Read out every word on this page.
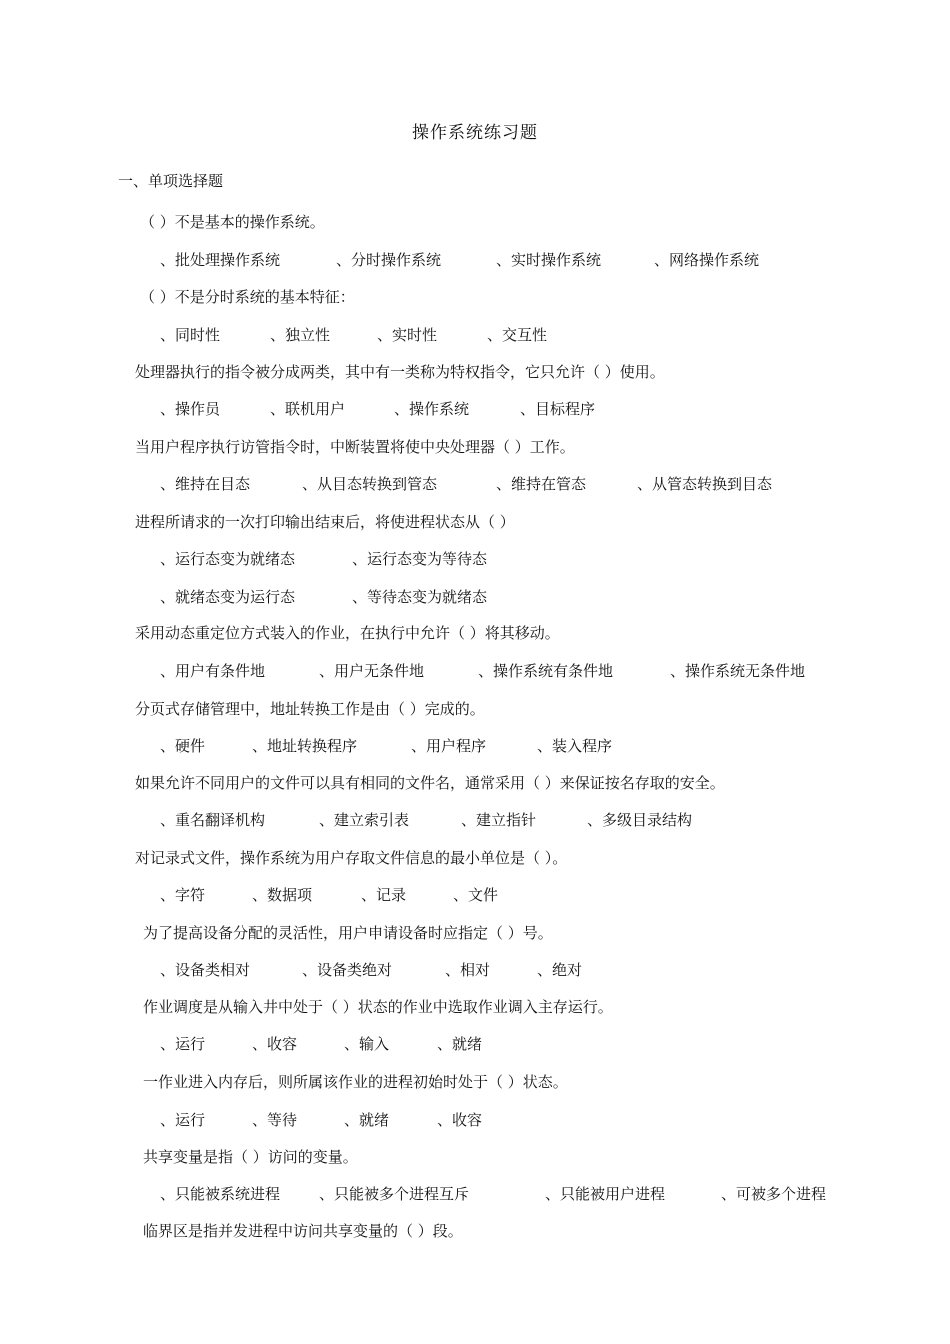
操作系统练习题
一、单项选择题
（ ）不是基本的操作系统。
、批处理操作系统	、分时操作系统	、实时操作系统	、网络操作系统
（ ）不是分时系统的基本特征：
、同时性	、独立性	、实时性	、交互性
处理器执行的指令被分成两类，其中有一类称为特权指令，它只允许（ ）使用。
、操作员	、联机用户	、操作系统	、目标程序
当用户程序执行访管指令时，中断装置将使中央处理器（ ）工作。
、维持在目态	、从目态转换到管态	、维持在管态	、从管态转换到目态
进程所请求的一次打印输出结束后，将使进程状态从（ ）
、运行态变为就绪态	、运行态变为等待态
、就绪态变为运行态	、等待态变为就绪态
采用动态重定位方式装入的作业，在执行中允许（ ）将其移动。
、用户有条件地	、用户无条件地	、操作系统有条件地	、操作系统无条件地
分页式存储管理中，地址转换工作是由（ ）完成的。
、硬件	、地址转换程序	、用户程序	、装入程序
如果允许不同用户的文件可以具有相同的文件名，通常采用（ ）来保证按名存取的安全。
、重名翻译机构	、建立索引表	、建立指针	、多级目录结构
对记录式文件，操作系统为用户存取文件信息的最小单位是（ ）。
、字符	、数据项	、记录	、文件
为了提高设备分配的灵活性，用户申请设备时应指定（ ）号。
、设备类相对	、设备类绝对	、相对	、绝对
作业调度是从输入井中处于（ ）状态的作业中选取作业调入主存运行。
、运行	、收容	、输入	、就绪
一作业进入内存后，则所属该作业的进程初始时处于（ ）状态。
、运行	、等待	、就绪	、收容
共享变量是指（ ）访问的变量。
、只能被系统进程	、只能被多个进程互斥	、只能被用户进程	、可被多个进程
临界区是指并发进程中访问共享变量的（ ）段。
